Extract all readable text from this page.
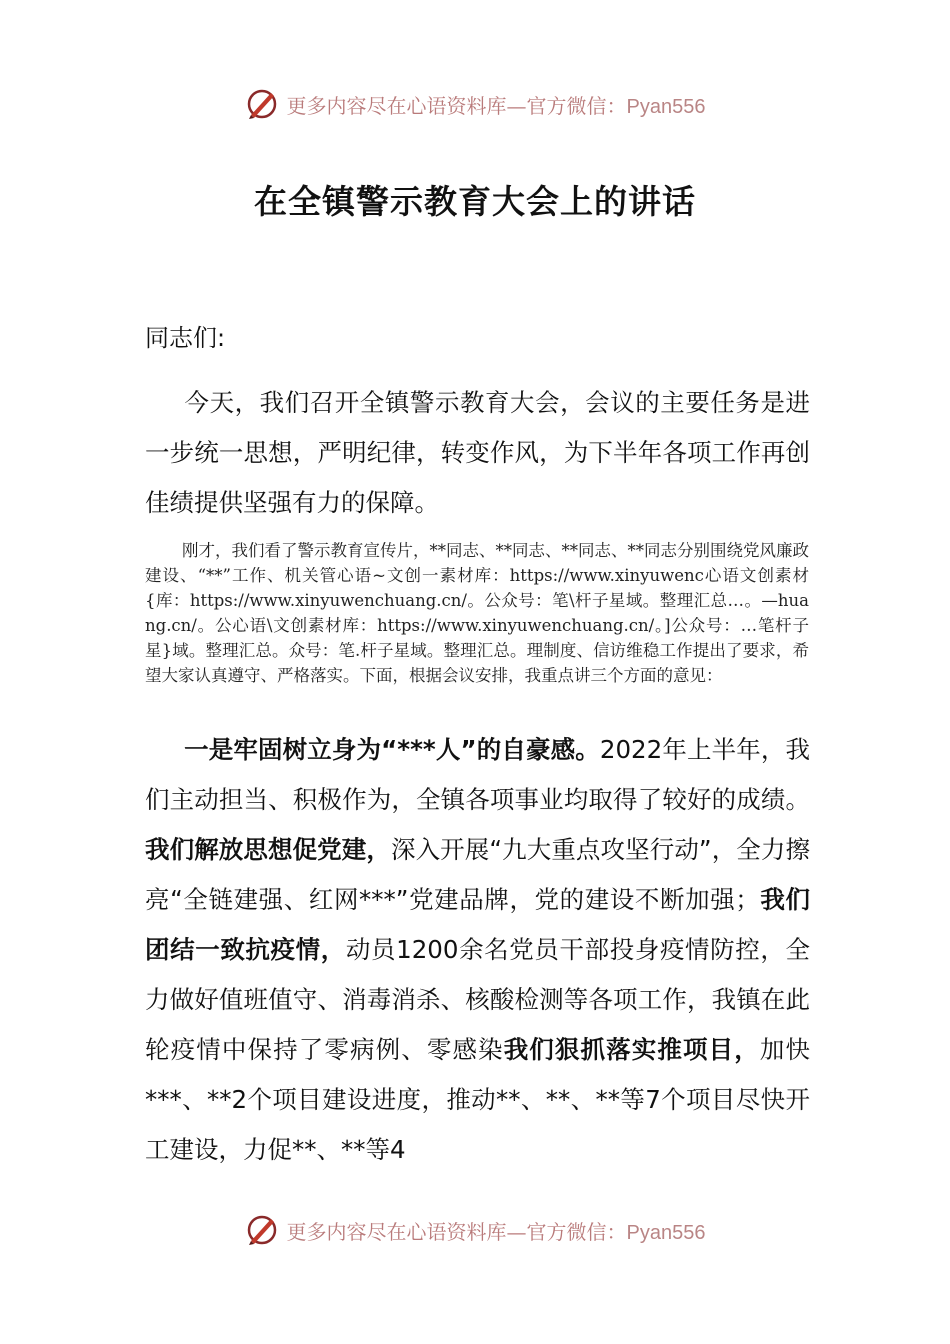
更多内容尽在心语资料库—官方微信：Pyan556
在全镇警示教育大会上的讲话

同志们:

今天，我们召开全镇警示教育大会，会议的主要任务是进一步统一思想，严明纪律，转变作风，为下半年各项工作再创佳绩提供坚强有力的保障。

刚才，我们看了警示教育宣传片，**同志、**同志、**同志、**同志分别围绕党风廉政建设、“**”工作、机关管心语~文创一素材库：https://www.xinyuwenc心语文创素材{库：https://www.xinyuwenchuang.cn/。公众号：笔\杆子星域。整理汇总…。—huang.cn/。公心语\文创素材库：https://www.xinyuwenchuang.cn/。]公众号：…笔杆子星}域。整理汇总。众号：笔.杆子星域。整理汇总。理制度、信访维稳工作提出了要求，希望大家认真遵守、严格落实。下面，根据会议安排，我重点讲三个方面的意见：

一是牢固树立身为“***人”的自豪感。2022年上半年，我们主动担当、积极作为，全镇各项事业均取得了较好的成绩。我们解放思想促党建，深入开展“九大重点攻坚行动”，全力擦亮“全链建强、红网***”党建品牌，党的建设不断加强；我们团结一致抗疫情，动员1200余名党员干部投身疫情防控，全力做好值班值守、消毒消杀、核酸检测等各项工作，我镇在此轮疫情中保持了零病例、零感染我们狠抓落实推项目，加快***、**2个项目建设进度，推动**、**、**等7个项目尽快开工建设，力促**、**等4

更多内容尽在心语资料库—官方微信：Pyan556
